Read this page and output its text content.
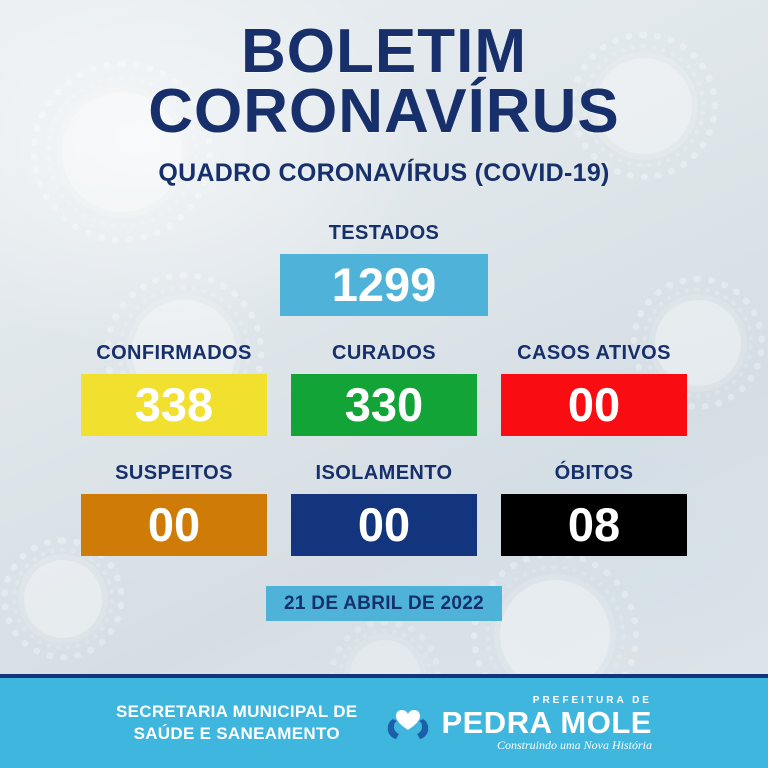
BOLETIM
CORONAVÍRUS
QUADRO CORONAVÍRUS (COVID-19)
TESTADOS
1299
CONFIRMADOS
338
CURADOS
330
CASOS ATIVOS
00
SUSPEITOS
00
ISOLAMENTO
00
ÓBITOS
08
21 DE ABRIL DE 2022
SECRETARIA MUNICIPAL DE
SAÚDE E SANEAMENTO
PREFEITURA DE
PEDRA MOLE
Construindo uma Nova História
